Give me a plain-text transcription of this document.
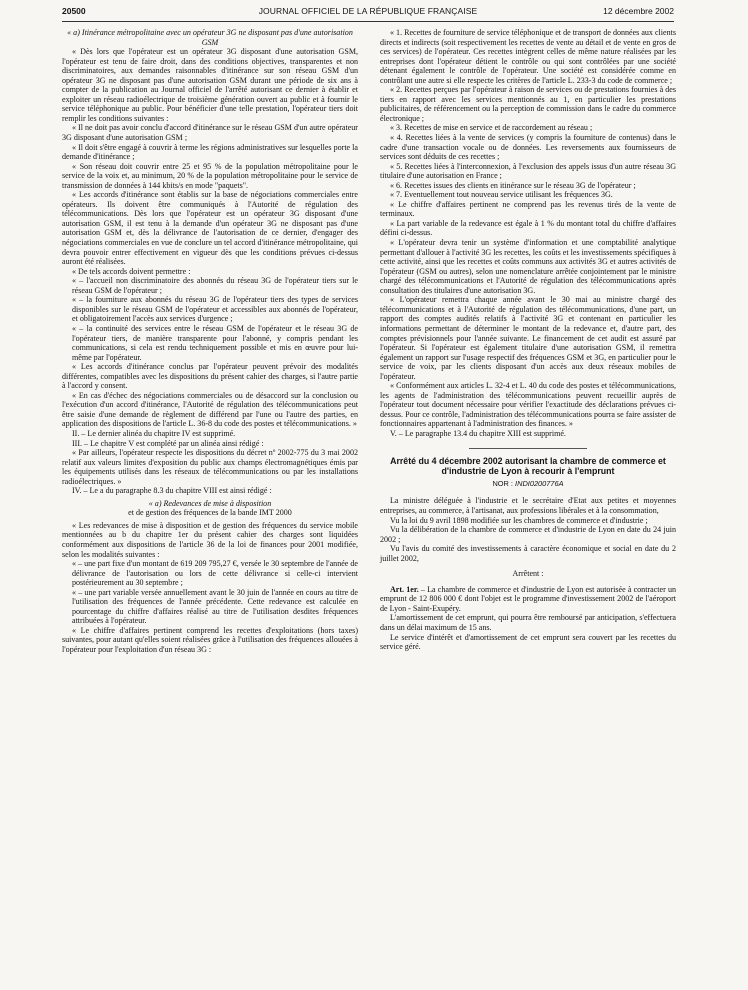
20500	JOURNAL OFFICIEL DE LA RÉPUBLIQUE FRANÇAISE	12 décembre 2002

« a) Itinérance métropolitaine avec un opérateur 3G ne disposant pas d'une autorisation GSM

« Dès lors que l'opérateur est un opérateur 3G disposant d'une autorisation GSM, l'opérateur est tenu de faire droit, dans des conditions objectives, transparentes et non discriminatoires, aux demandes raisonnables d'itinérance sur son réseau GSM d'un opérateur 3G ne disposant pas d'une autorisation GSM durant une période de six ans à compter de la publication au Journal officiel de l'arrêté autorisant ce dernier à établir et exploiter un réseau radioélectrique de troisième génération ouvert au public et à fournir le service téléphonique au public. Pour bénéficier d'une telle prestation, l'opérateur tiers doit remplir les conditions suivantes :

« Il ne doit pas avoir conclu d'accord d'itinérance sur le réseau GSM d'un autre opérateur 3G disposant d'une autorisation GSM ;

« Il doit s'être engagé à couvrir à terme les régions administratives sur lesquelles porte la demande d'itinérance ;

« Son réseau doit couvrir entre 25 et 95 % de la population métropolitaine pour le service de la voix et, au minimum, 20 % de la population métropolitaine pour le service de transmission de données à 144 kbits/s en mode "paquets".

« Les accords d'itinérance sont établis sur la base de négociations commerciales entre opérateurs. Ils doivent être communiqués à l'Autorité de régulation des télécommunications. Dès lors que l'opérateur est un opérateur 3G disposant d'une autorisation GSM, il est tenu à la demande d'un opérateur 3G ne disposant pas d'une autorisation GSM et, dès la délivrance de l'autorisation de ce dernier, d'engager des négociations commerciales en vue de conclure un tel accord d'itinérance métropolitaine, qui devra pouvoir entrer effectivement en vigueur dès que les conditions prévues ci-dessus auront été réalisées.

« De tels accords doivent permettre :

« – l'accueil non discriminatoire des abonnés du réseau 3G de l'opérateur tiers sur le réseau GSM de l'opérateur ;

« – la fourniture aux abonnés du réseau 3G de l'opérateur tiers des types de services disponibles sur le réseau GSM de l'opérateur et accessibles aux abonnés de l'opérateur, et obligatoirement l'accès aux services d'urgence ;

« – la continuité des services entre le réseau GSM de l'opérateur et le réseau 3G de l'opérateur tiers, de manière transparente pour l'abonné, y compris pendant les communications, si cela est rendu techniquement possible et mis en œuvre pour lui-même par l'opérateur.

« Les accords d'itinérance conclus par l'opérateur peuvent prévoir des modalités différentes, compatibles avec les dispositions du présent cahier des charges, si l'autre partie à l'accord y consent.

« En cas d'échec des négociations commerciales ou de désaccord sur la conclusion ou l'exécution d'un accord d'itinérance, l'Autorité de régulation des télécommunications peut être saisie d'une demande de règlement de différend par l'une ou l'autre des parties, en application des dispositions de l'article L. 36-8 du code des postes et télécommunications. »

II. – Le dernier alinéa du chapitre IV est supprimé.

III. – Le chapitre V est complété par un alinéa ainsi rédigé :

« Par ailleurs, l'opérateur respecte les dispositions du décret nº 2002-775 du 3 mai 2002 relatif aux valeurs limites d'exposition du public aux champs électromagnétiques émis par les équipements utilisés dans les réseaux de télécommunications ou par les installations radioélectriques. »

IV. – Le a du paragraphe 8.3 du chapitre VIII est ainsi rédigé :

« a) Redevances de mise à disposition

et de gestion des fréquences de la bande IMT 2000

« Les redevances de mise à disposition et de gestion des fréquences du service mobile mentionnées au b du chapitre 1er du présent cahier des charges sont liquidées conformément aux dispositions de l'article 36 de la loi de finances pour 2001 modifiée, selon les modalités suivantes :

« – une part fixe d'un montant de 619 209 795,27 €, versée le 30 septembre de l'année de délivrance de l'autorisation ou lors de cette délivrance si celle-ci intervient postérieurement au 30 septembre ;

« – une part variable versée annuellement avant le 30 juin de l'année en cours au titre de l'utilisation des fréquences de l'année précédente. Cette redevance est calculée en pourcentage du chiffre d'affaires réalisé au titre de l'utilisation desdites fréquences attribuées à l'opérateur.

« Le chiffre d'affaires pertinent comprend les recettes d'exploitations (hors taxes) suivantes, pour autant qu'elles soient réalisées grâce à l'utilisation des fréquences allouées à l'opérateur pour l'exploitation d'un réseau 3G :

« 1. Recettes de fourniture de service téléphonique et de transport de données aux clients directs et indirects (soit respectivement les recettes de vente au détail et de vente en gros de ces services) de l'opérateur. Ces recettes intègrent celles de même nature réalisées par les entreprises dont l'opérateur détient le contrôle ou qui sont contrôlées par une société détenant également le contrôle de l'opérateur. Une société est considérée comme en contrôlant une autre si elle respecte les critères de l'article L. 233-3 du code de commerce ;

« 2. Recettes perçues par l'opérateur à raison de services ou de prestations fournies à des tiers en rapport avec les services mentionnés au 1, en particulier les prestations publicitaires, de référencement ou la perception de commission dans le cadre du commerce électronique ;

« 3. Recettes de mise en service et de raccordement au réseau ;

« 4. Recettes liées à la vente de services (y compris la fourniture de contenus) dans le cadre d'une transaction vocale ou de données. Les reversements aux fournisseurs de services sont déduits de ces recettes ;

« 5. Recettes liées à l'interconnexion, à l'exclusion des appels issus d'un autre réseau 3G titulaire d'une autorisation en France ;

« 6. Recettes issues des clients en itinérance sur le réseau 3G de l'opérateur ;

« 7. Eventuellement tout nouveau service utilisant les fréquences 3G.

« Le chiffre d'affaires pertinent ne comprend pas les revenus tirés de la vente de terminaux.

« La part variable de la redevance est égale à 1 % du montant total du chiffre d'affaires défini ci-dessus.

« L'opérateur devra tenir un système d'information et une comptabilité analytique permettant d'allouer à l'activité 3G les recettes, les coûts et les investissements spécifiques à cette activité, ainsi que les recettes et coûts communs aux activités 3G et autres activités de l'opérateur (GSM ou autres), selon une nomenclature arrêtée conjointement par le ministre chargé des télécommunications et l'Autorité de régulation des télécommunications après consultation des titulaires d'une autorisation 3G.

« L'opérateur remettra chaque année avant le 30 mai au ministre chargé des télécommunications et à l'Autorité de régulation des télécommunications, d'une part, un rapport des comptes audités relatifs à l'activité 3G et contenant en particulier les informations permettant de déterminer le montant de la redevance et, d'autre part, des comptes prévisionnels pour l'année suivante. Le financement de cet audit est assuré par l'opérateur. Si l'opérateur est également titulaire d'une autorisation GSM, il remettra également un rapport sur l'usage respectif des fréquences GSM et 3G, en particulier pour le service de voix, par les clients disposant d'un accès aux deux réseaux mobiles de l'opérateur.

« Conformément aux articles L. 32-4 et L. 40 du code des postes et télécommunications, les agents de l'administration des télécommunications peuvent recueillir auprès de l'opérateur tout document nécessaire pour vérifier l'exactitude des déclarations prévues ci-dessus. Pour ce contrôle, l'administration des télécommunications pourra se faire assister de fonctionnaires appartenant à l'administration des finances. »

V. – Le paragraphe 13.4 du chapitre XIII est supprimé.

Arrêté du 4 décembre 2002 autorisant la chambre de commerce et d'industrie de Lyon à recourir à l'emprunt
NOR : INDI0200776A

La ministre déléguée à l'industrie et le secrétaire d'Etat aux petites et moyennes entreprises, au commerce, à l'artisanat, aux professions libérales et à la consommation,

Vu la loi du 9 avril 1898 modifiée sur les chambres de commerce et d'industrie ;

Vu la délibération de la chambre de commerce et d'industrie de Lyon en date du 24 juin 2002 ;

Vu l'avis du comité des investissements à caractère économique et social en date du 2 juillet 2002,

Arrêtent :

Art. 1er. – La chambre de commerce et d'industrie de Lyon est autorisée à contracter un emprunt de 12 806 000 € dont l'objet est le programme d'investissement 2002 de l'aéroport de Lyon - Saint-Exupéry.

L'amortissement de cet emprunt, qui pourra être remboursé par anticipation, s'effectuera dans un délai maximum de 15 ans.

Le service d'intérêt et d'amortissement de cet emprunt sera couvert par les recettes du service géré.
